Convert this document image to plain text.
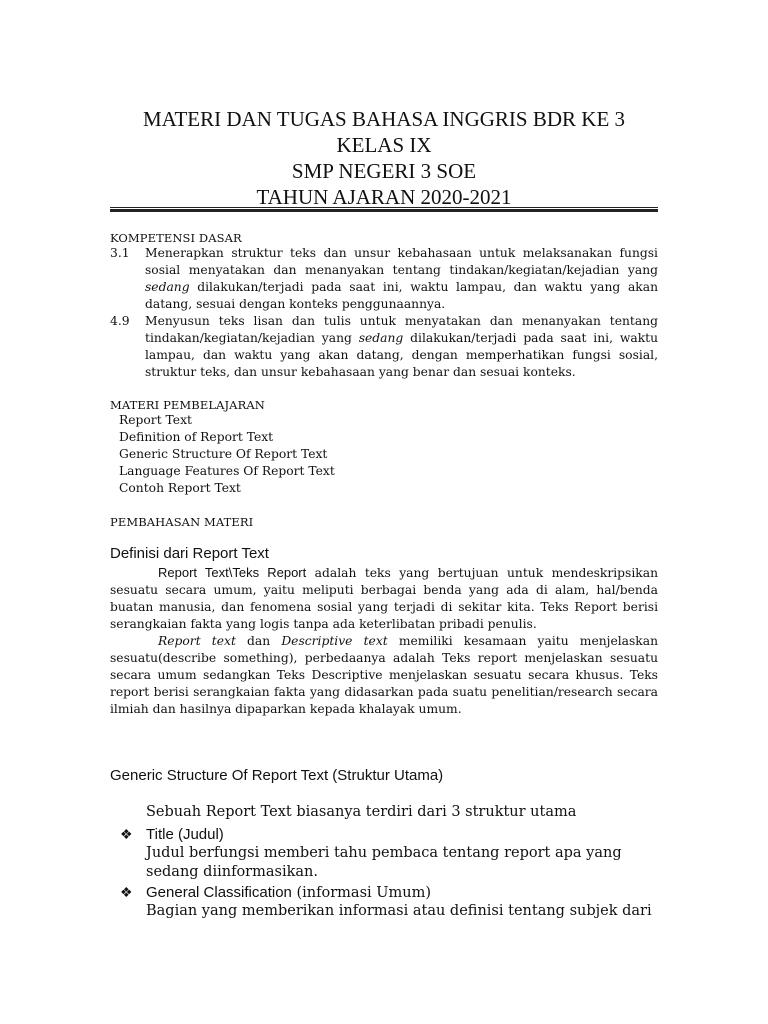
MATERI DAN TUGAS BAHASA INGGRIS BDR KE 3
KELAS IX
SMP NEGERI 3 SOE
TAHUN AJARAN 2020-2021
KOMPETENSI DASAR
3.1 Menerapkan struktur teks dan unsur kebahasaan untuk melaksanakan fungsi sosial menyatakan dan menanyakan tentang tindakan/kegiatan/kejadian yang sedang dilakukan/terjadi pada saat ini, waktu lampau, dan waktu yang akan datang, sesuai dengan konteks penggunaannya.
4.9 Menyusun teks lisan dan tulis untuk menyatakan dan menanyakan tentang tindakan/kegiatan/kejadian yang sedang dilakukan/terjadi pada saat ini, waktu lampau, dan waktu yang akan datang, dengan memperhatikan fungsi sosial, struktur teks, dan unsur kebahasaan yang benar dan sesuai konteks.
MATERI PEMBELAJARAN
Report Text
Definition of Report Text
Generic Structure Of Report Text
Language Features Of Report Text
Contoh Report Text
PEMBAHASAN MATERI
Definisi dari Report Text
Report Text\Teks Report adalah teks yang bertujuan untuk mendeskripsikan sesuatu secara umum, yaitu meliputi berbagai benda yang ada di alam, hal/benda buatan manusia, dan fenomena sosial yang terjadi di sekitar kita. Teks Report berisi serangkaian fakta yang logis tanpa ada keterlibatan pribadi penulis.
Report text dan Descriptive text memiliki kesamaan yaitu menjelaskan sesuatu(describe something), perbedaanya adalah Teks report menjelaskan sesuatu secara umum sedangkan Teks Descriptive menjelaskan sesuatu secara khusus. Teks report berisi serangkaian fakta yang didasarkan pada suatu penelitian/research secara ilmiah dan hasilnya dipaparkan kepada khalayak umum.
Generic Structure Of Report Text (Struktur Utama)
Sebuah Report Text biasanya terdiri dari 3 struktur utama
❖ Title (Judul)
Judul berfungsi memberi tahu pembaca tentang report apa yang sedang diinformasikan.
❖ General Classification (informasi Umum)
Bagian yang memberikan informasi atau definisi tentang subjek dari
